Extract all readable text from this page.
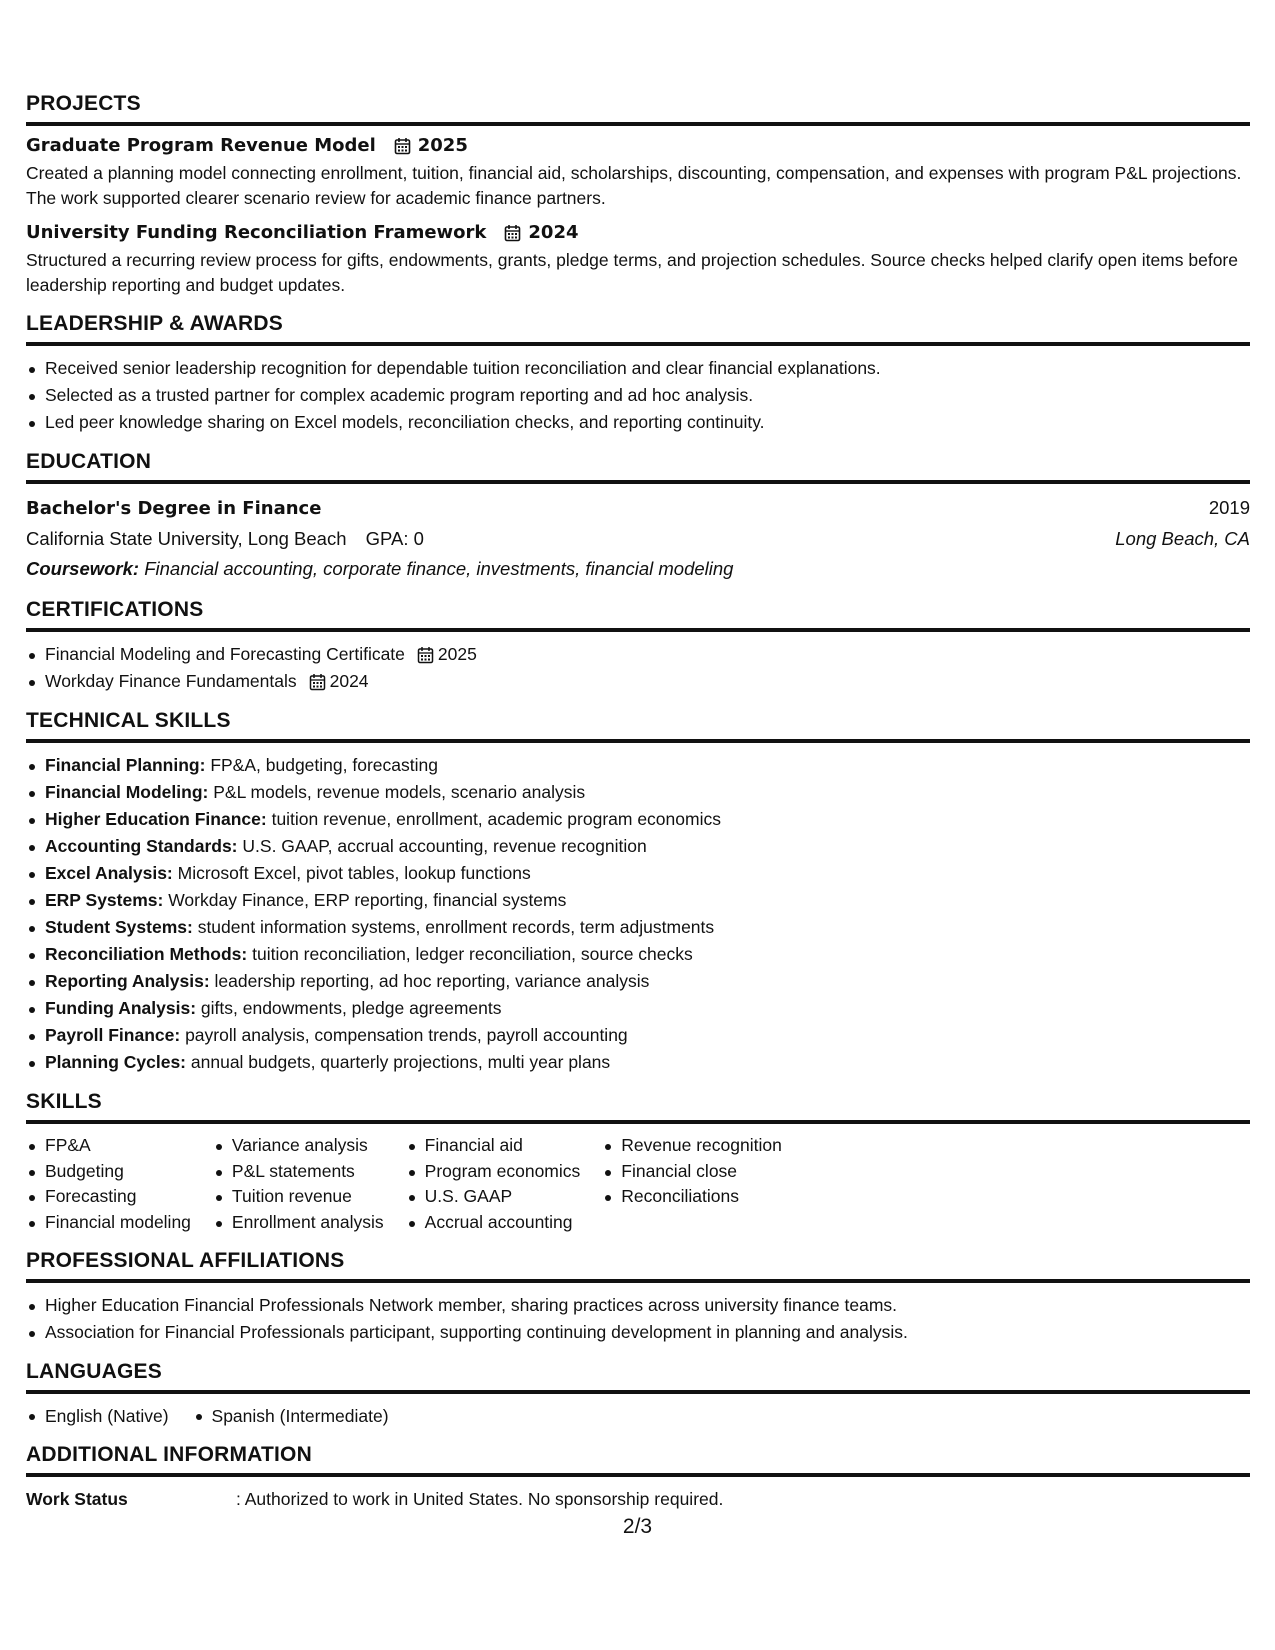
PROJECTS
Graduate Program Revenue Model 2025
Created a planning model connecting enrollment, tuition, financial aid, scholarships, discounting, compensation, and expenses with program P&L projections. The work supported clearer scenario review for academic finance partners.
University Funding Reconciliation Framework 2024
Structured a recurring review process for gifts, endowments, grants, pledge terms, and projection schedules. Source checks helped clarify open items before leadership reporting and budget updates.
LEADERSHIP & AWARDS
Received senior leadership recognition for dependable tuition reconciliation and clear financial explanations.
Selected as a trusted partner for complex academic program reporting and ad hoc analysis.
Led peer knowledge sharing on Excel models, reconciliation checks, and reporting continuity.
EDUCATION
Bachelor's Degree in Finance	2019
California State University, Long Beach GPA: 0	Long Beach, CA
Coursework: Financial accounting, corporate finance, investments, financial modeling
CERTIFICATIONS
Financial Modeling and Forecasting Certificate 2025
Workday Finance Fundamentals 2024
TECHNICAL SKILLS
Financial Planning: FP&A, budgeting, forecasting
Financial Modeling: P&L models, revenue models, scenario analysis
Higher Education Finance: tuition revenue, enrollment, academic program economics
Accounting Standards: U.S. GAAP, accrual accounting, revenue recognition
Excel Analysis: Microsoft Excel, pivot tables, lookup functions
ERP Systems: Workday Finance, ERP reporting, financial systems
Student Systems: student information systems, enrollment records, term adjustments
Reconciliation Methods: tuition reconciliation, ledger reconciliation, source checks
Reporting Analysis: leadership reporting, ad hoc reporting, variance analysis
Funding Analysis: gifts, endowments, pledge agreements
Payroll Finance: payroll analysis, compensation trends, payroll accounting
Planning Cycles: annual budgets, quarterly projections, multi year plans
SKILLS
FP&A
Budgeting
Forecasting
Financial modeling
Variance analysis
P&L statements
Tuition revenue
Enrollment analysis
Financial aid
Program economics
U.S. GAAP
Accrual accounting
Revenue recognition
Financial close
Reconciliations
PROFESSIONAL AFFILIATIONS
Higher Education Financial Professionals Network member, sharing practices across university finance teams.
Association for Financial Professionals participant, supporting continuing development in planning and analysis.
LANGUAGES
English (Native)	Spanish (Intermediate)
ADDITIONAL INFORMATION
Work Status	: Authorized to work in United States. No sponsorship required.
2/3
